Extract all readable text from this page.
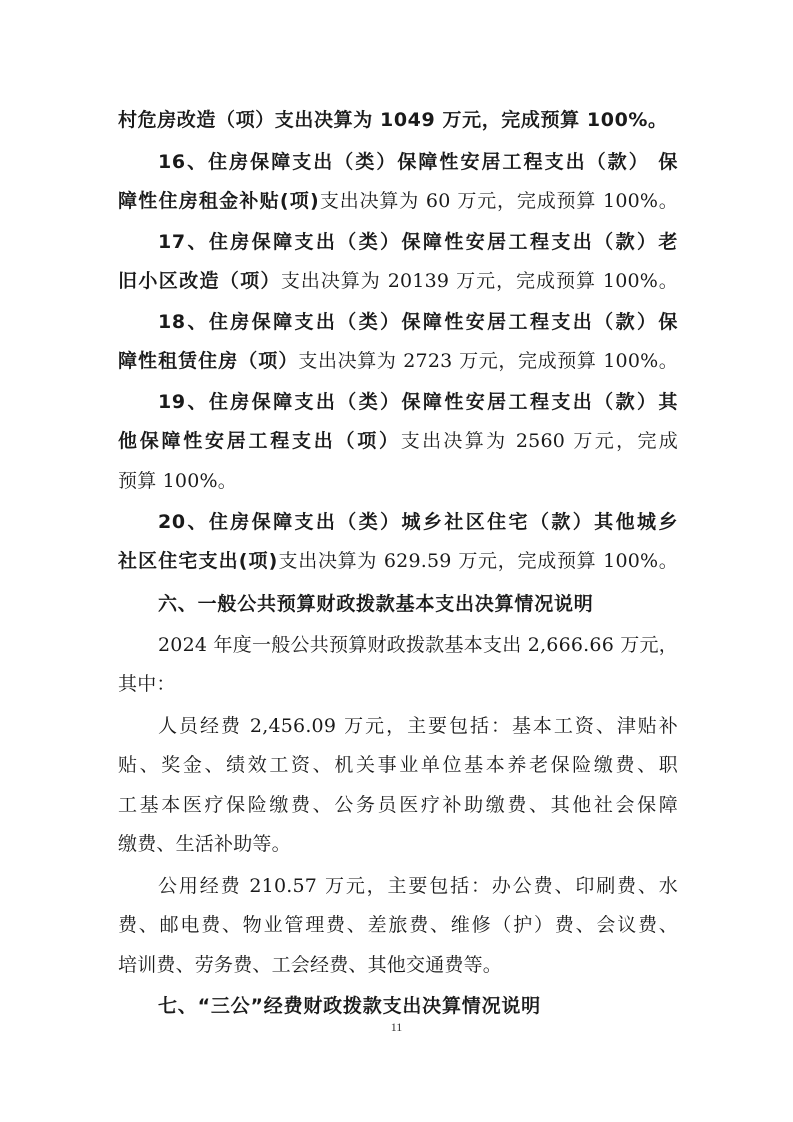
村危房改造（项）支出决算为 1049 万元，完成预算 100%。
16、住房保障支出（类）保障性安居工程支出（款） 保
障性住房租金补贴(项)支出决算为 60 万元，完成预算 100%。
17、住房保障支出（类）保障性安居工程支出（款）老
旧小区改造（项）支出决算为 20139 万元，完成预算 100%。
18、住房保障支出（类）保障性安居工程支出（款）保
障性租赁住房（项）支出决算为 2723 万元，完成预算 100%。
19、住房保障支出（类）保障性安居工程支出（款）其
他保障性安居工程支出（项）支出决算为 2560 万元，完成
预算 100%。
20、住房保障支出（类）城乡社区住宅（款）其他城乡
社区住宅支出(项)支出决算为 629.59 万元，完成预算 100%。
六、一般公共预算财政拨款基本支出决算情况说明
2024 年度一般公共预算财政拨款基本支出 2,666.66 万元，
其中：
人员经费 2,456.09 万元，主要包括：基本工资、津贴补
贴、奖金、绩效工资、机关事业单位基本养老保险缴费、职
工基本医疗保险缴费、公务员医疗补助缴费、其他社会保障
缴费、生活补助等。
公用经费 210.57 万元，主要包括：办公费、印刷费、水
费、邮电费、物业管理费、差旅费、维修（护）费、会议费、
培训费、劳务费、工会经费、其他交通费等。
七、“三公”经费财政拨款支出决算情况说明
11
